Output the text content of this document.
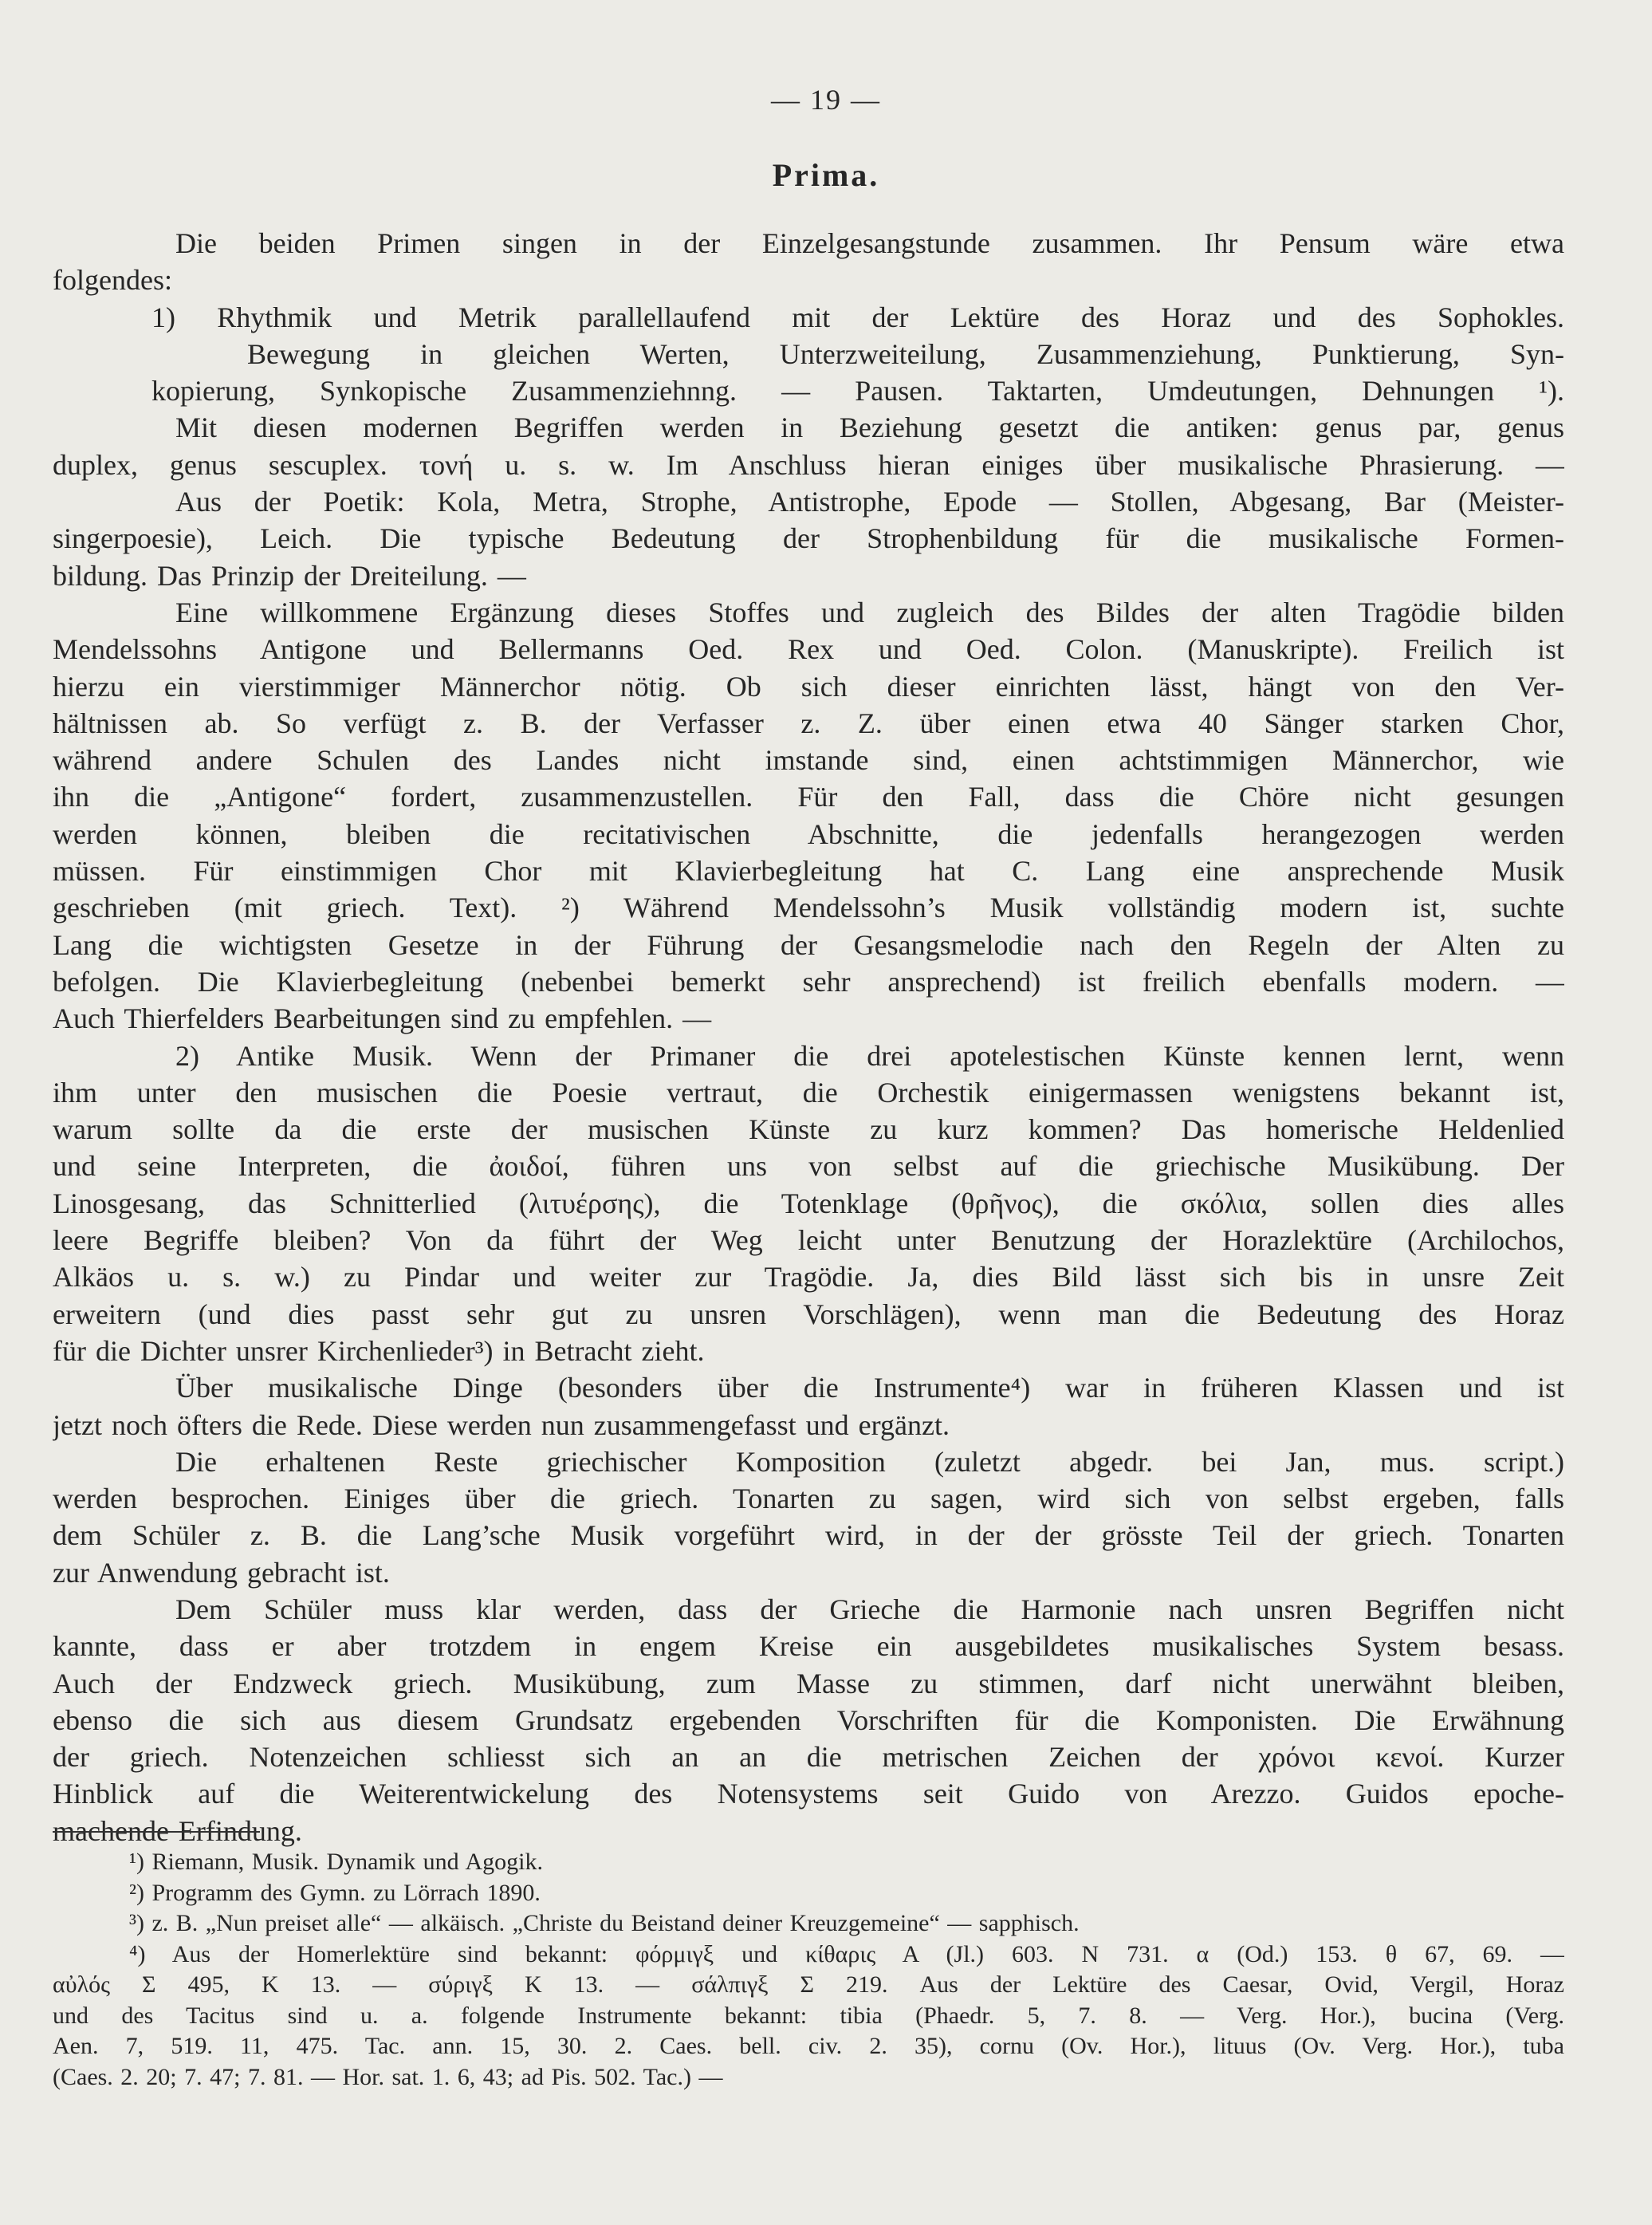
— 19 —
Prima.
Die beiden Primen singen in der Einzelgesangstunde zusammen. Ihr Pensum wäre etwa
folgendes:
1) Rhythmik und Metrik parallellaufend mit der Lektüre des Horaz und des Sophokles.
Bewegung in gleichen Werten, Unterzweiteilung, Zusammenziehung, Punktierung, Syn-
kopierung, Synkopische Zusammenziehnng. — Pausen. Taktarten, Umdeutungen, Dehnungen ¹).
Mit diesen modernen Begriffen werden in Beziehung gesetzt die antiken: genus par, genus
duplex, genus sescuplex. τονή u. s. w. Im Anschluss hieran einiges über musikalische Phrasierung. —
Aus der Poetik: Kola, Metra, Strophe, Antistrophe, Epode — Stollen, Abgesang, Bar (Meister-
singerpoesie), Leich. Die typische Bedeutung der Strophenbildung für die musikalische Formen-
bildung. Das Prinzip der Dreiteilung. —
Eine willkommene Ergänzung dieses Stoffes und zugleich des Bildes der alten Tragödie bilden
Mendelssohns Antigone und Bellermanns Oed. Rex und Oed. Colon. (Manuskripte). Freilich ist
hierzu ein vierstimmiger Männerchor nötig. Ob sich dieser einrichten lässt, hängt von den Ver-
hältnissen ab. So verfügt z. B. der Verfasser z. Z. über einen etwa 40 Sänger starken Chor,
während andere Schulen des Landes nicht imstande sind, einen achtstimmigen Männerchor, wie
ihn die „Antigone“ fordert, zusammenzustellen. Für den Fall, dass die Chöre nicht gesungen
werden können, bleiben die recitativischen Abschnitte, die jedenfalls herangezogen werden
müssen. Für einstimmigen Chor mit Klavierbegleitung hat C. Lang eine ansprechende Musik
geschrieben (mit griech. Text). ²) Während Mendelssohn’s Musik vollständig modern ist, suchte
Lang die wichtigsten Gesetze in der Führung der Gesangsmelodie nach den Regeln der Alten zu
befolgen. Die Klavierbegleitung (nebenbei bemerkt sehr ansprechend) ist freilich ebenfalls modern. —
Auch Thierfelders Bearbeitungen sind zu empfehlen. —
2) Antike Musik. Wenn der Primaner die drei apotelestischen Künste kennen lernt, wenn
ihm unter den musischen die Poesie vertraut, die Orchestik einigermassen wenigstens bekannt ist,
warum sollte da die erste der musischen Künste zu kurz kommen? Das homerische Heldenlied
und seine Interpreten, die ἀοιδοί, führen uns von selbst auf die griechische Musikübung. Der
Linosgesang, das Schnitterlied (λιτυέρσης), die Totenklage (θρῆνος), die σκόλια, sollen dies alles
leere Begriffe bleiben? Von da führt der Weg leicht unter Benutzung der Horazlektüre (Archilochos,
Alkäos u. s. w.) zu Pindar und weiter zur Tragödie. Ja, dies Bild lässt sich bis in unsre Zeit
erweitern (und dies passt sehr gut zu unsren Vorschlägen), wenn man die Bedeutung des Horaz
für die Dichter unsrer Kirchenlieder³) in Betracht zieht.
Über musikalische Dinge (besonders über die Instrumente⁴) war in früheren Klassen und ist
jetzt noch öfters die Rede. Diese werden nun zusammengefasst und ergänzt.
Die erhaltenen Reste griechischer Komposition (zuletzt abgedr. bei Jan, mus. script.)
werden besprochen. Einiges über die griech. Tonarten zu sagen, wird sich von selbst ergeben, falls
dem Schüler z. B. die Lang’sche Musik vorgeführt wird, in der der grösste Teil der griech. Tonarten
zur Anwendung gebracht ist.
Dem Schüler muss klar werden, dass der Grieche die Harmonie nach unsren Begriffen nicht
kannte, dass er aber trotzdem in engem Kreise ein ausgebildetes musikalisches System besass.
Auch der Endzweck griech. Musikübung, zum Masse zu stimmen, darf nicht unerwähnt bleiben,
ebenso die sich aus diesem Grundsatz ergebenden Vorschriften für die Komponisten. Die Erwähnung
der griech. Notenzeichen schliesst sich an an die metrischen Zeichen der χρόνοι κενοί. Kurzer
Hinblick auf die Weiterentwickelung des Notensystems seit Guido von Arezzo. Guidos epoche-
machende Erfindung.
¹) Riemann, Musik. Dynamik und Agogik.
²) Programm des Gymn. zu Lörrach 1890.
³) z. B. „Nun preiset alle“ — alkäisch. „Christe du Beistand deiner Kreuzgemeine“ — sapphisch.
⁴) Aus der Homerlektüre sind bekannt: φόρμιγξ und κίθαρις Α (Jl.) 603. Ν 731. α (Od.) 153. θ 67, 69. —
αὐλός Σ 495, Κ 13. — σύριγξ Κ 13. — σάλπιγξ Σ 219. Aus der Lektüre des Caesar, Ovid, Vergil, Horaz
und des Tacitus sind u. a. folgende Instrumente bekannt: tibia (Phaedr. 5, 7. 8. — Verg. Hor.), bucina (Verg.
Aen. 7, 519. 11, 475. Tac. ann. 15, 30. 2. Caes. bell. civ. 2. 35), cornu (Ov. Hor.), lituus (Ov. Verg. Hor.), tuba
(Caes. 2. 20; 7. 47; 7. 81. — Hor. sat. 1. 6, 43; ad Pis. 502. Tac.) —
